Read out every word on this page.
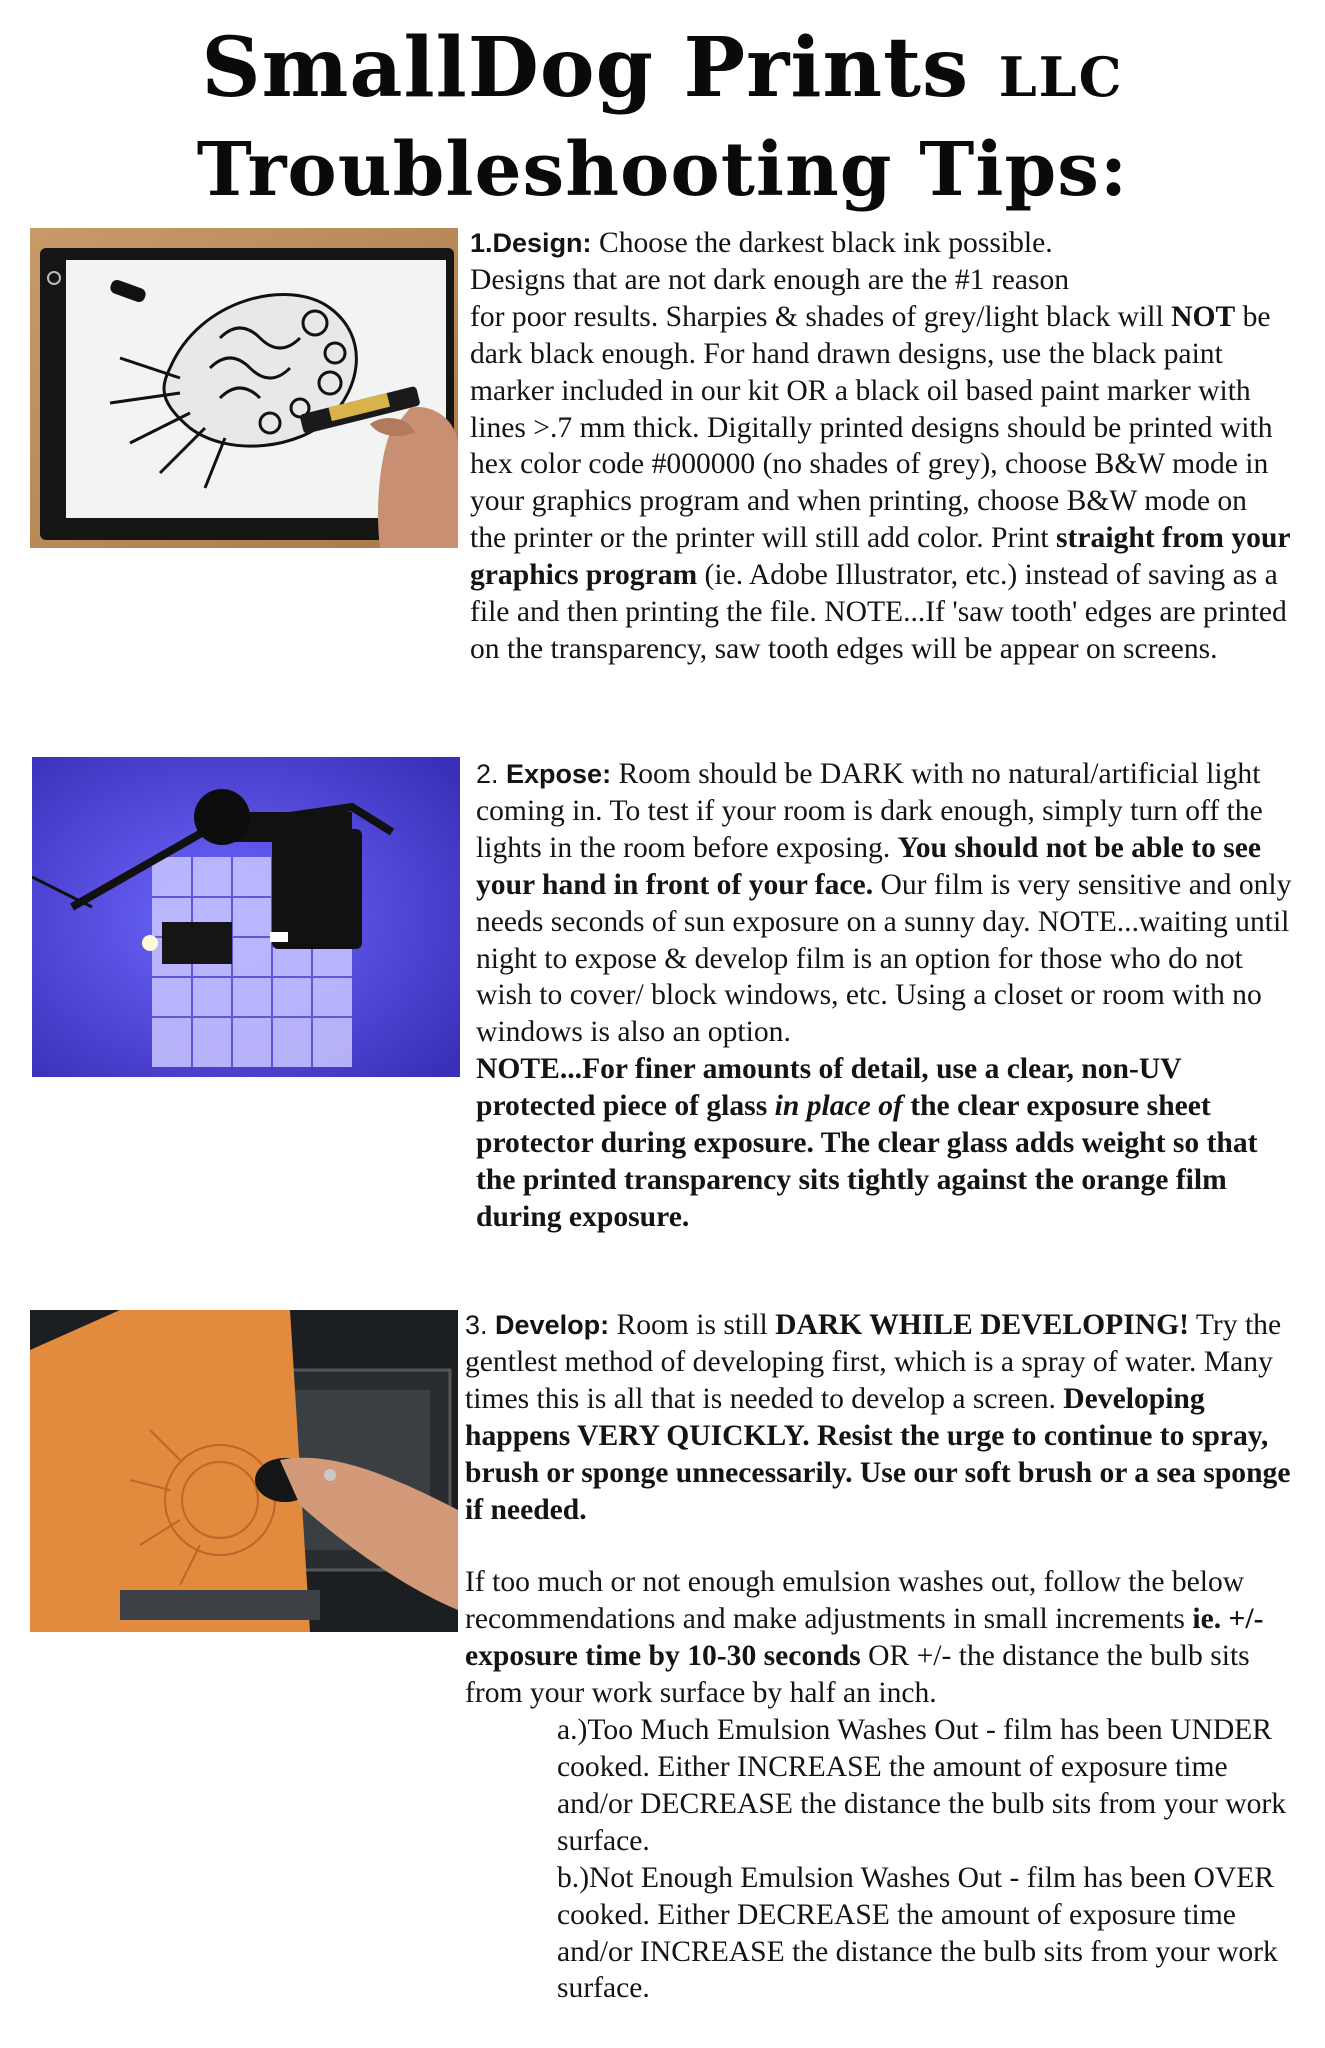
SmallDog Prints LLC
Troubleshooting Tips:

1.Design: Choose the darkest black ink possible.

Designs that are not dark enough are the #1 reason

for poor results. Sharpies & shades of grey/light black will NOT be dark black enough. For hand drawn designs, use the black paint marker included in our kit OR a black oil based paint marker with lines >.7 mm thick. Digitally printed designs should be printed with hex color code #000000 (no shades of grey), choose B&W mode in your graphics program and when printing, choose B&W mode on the printer or the printer will still add color. Print straight from your graphics program (ie. Adobe Illustrator, etc.) instead of saving as a file and then printing the file. NOTE...If 'saw tooth' edges are printed on the transparency, saw tooth edges will be appear on screens.

2. Expose: Room should be DARK with no natural/artificial light coming in. To test if your room is dark enough, simply turn off the lights in the room before exposing. You should not be able to see your hand in front of your face. Our film is very sensitive and only needs seconds of sun exposure on a sunny day. NOTE...waiting until night to expose & develop film is an option for those who do not wish to cover/ block windows, etc. Using a closet or room with no windows is also an option.

NOTE...For finer amounts of detail, use a clear, non-UV protected piece of glass in place of the clear exposure sheet protector during exposure. The clear glass adds weight so that the printed transparency sits tightly against the orange film during exposure.

3. Develop: Room is still DARK WHILE DEVELOPING! Try the gentlest method of developing first, which is a spray of water. Many times this is all that is needed to develop a screen. Developing happens VERY QUICKLY. Resist the urge to continue to spray, brush or sponge unnecessarily. Use our soft brush or a sea sponge if needed.

If too much or not enough emulsion washes out, follow the below recommendations and make adjustments in small increments ie. +/- exposure time by 10-30 seconds OR +/- the distance the bulb sits from your work surface by half an inch.

a.)Too Much Emulsion Washes Out - film has been UNDER cooked. Either INCREASE the amount of exposure time and/or DECREASE the distance the bulb sits from your work surface.

b.)Not Enough Emulsion Washes Out - film has been OVER cooked. Either DECREASE the amount of exposure time and/or INCREASE the distance the bulb sits from your work surface.
